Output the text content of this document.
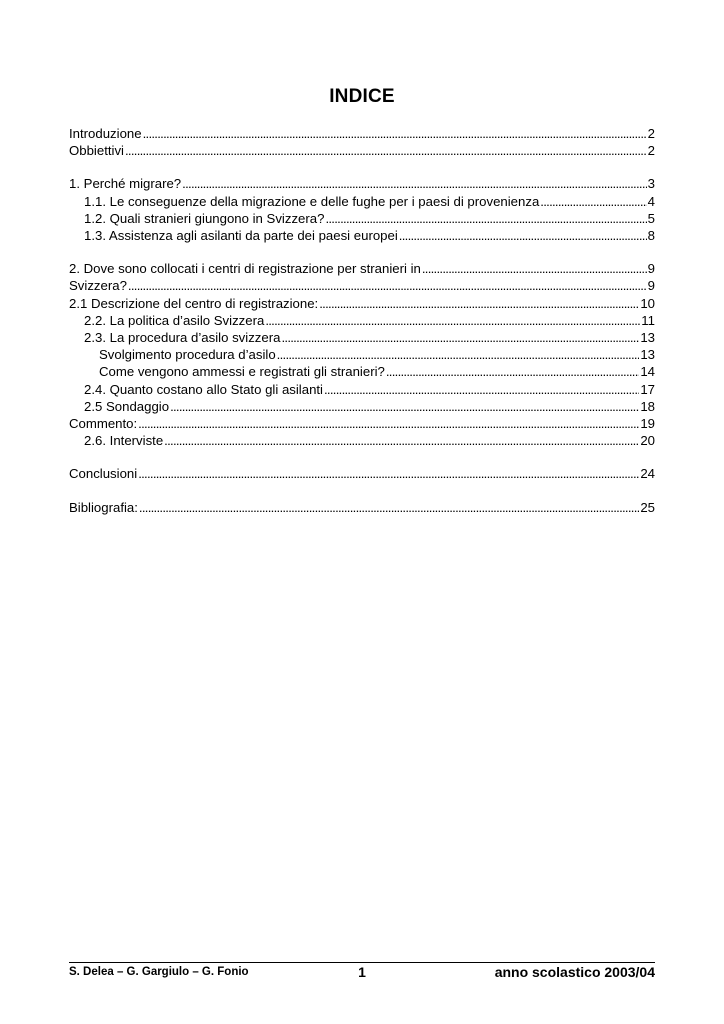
INDICE
Introduzione . . .	2
Obbiettivi . . .	2
1. Perché migrare? . . .	3
1.1. Le conseguenze della migrazione e delle fughe per i paesi di provenienza . . .	4
1.2. Quali stranieri giungono in Svizzera? . . .	5
1.3. Assistenza agli asilanti da parte dei paesi europei . . .	8
2. Dove sono collocati i centri di registrazione per stranieri in . . .	9
Svizzera? . . .	9
2.1 Descrizione del centro di registrazione: . . .	10
2.2. La politica d’asilo Svizzera . . .	11
2.3. La procedura d’asilo svizzera . . .	13
Svolgimento procedura d’asilo . . .	13
Come vengono ammessi e registrati gli stranieri? . . .	14
2.4. Quanto costano allo Stato gli asilanti . . .	17
2.5 Sondaggio . . .	18
Commento: . . .	19
2.6. Interviste . . .	20
Conclusioni . . .	24
Bibliografia: . . .	25
S. Delea – G. Gargiulo – G. Fonio	1	anno scolastico 2003/04
